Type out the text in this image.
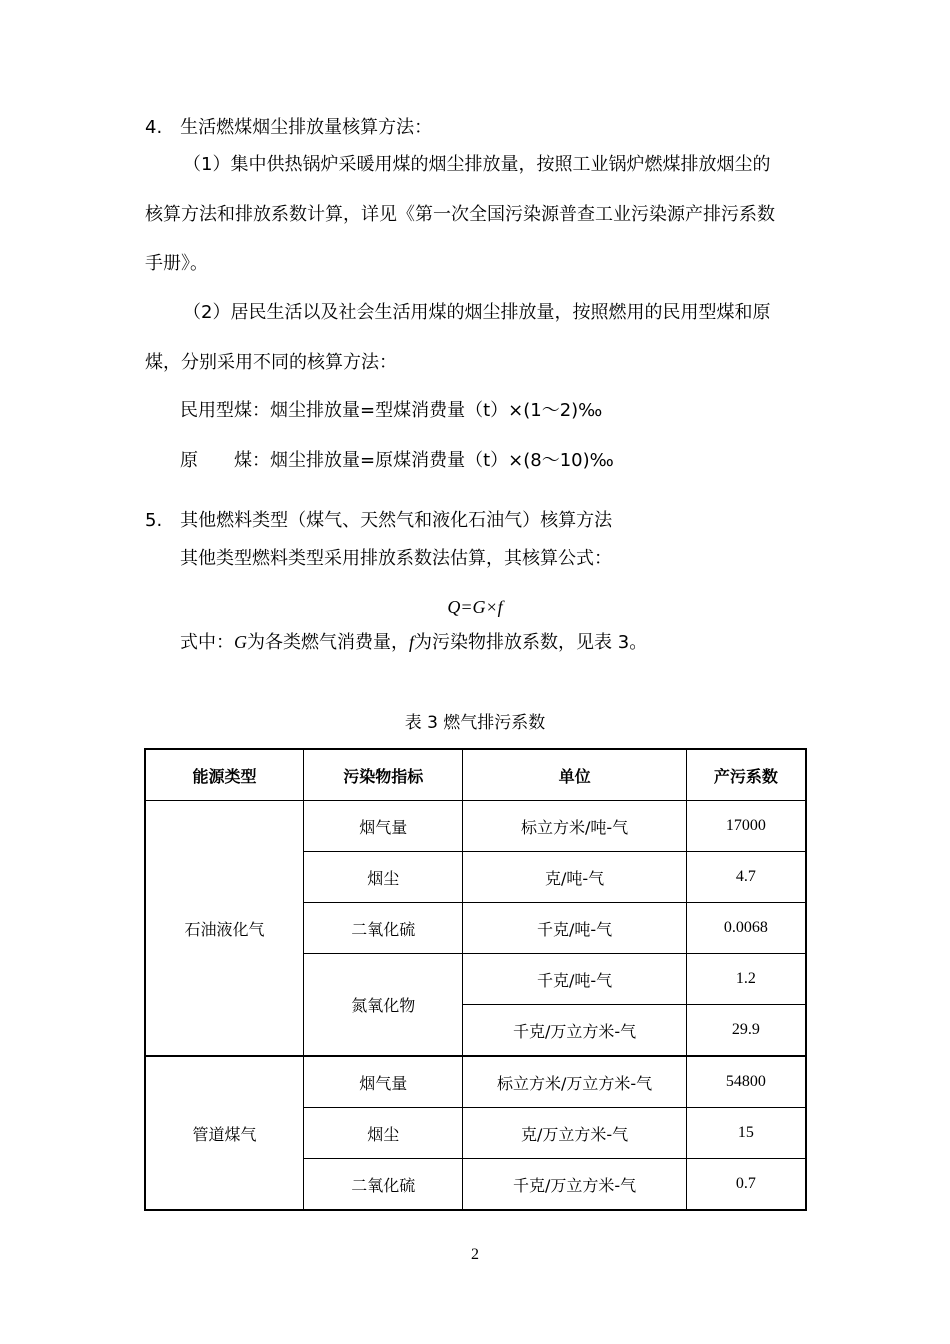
4.　生活燃煤烟尘排放量核算方法：
（1）集中供热锅炉采暖用煤的烟尘排放量，按照工业锅炉燃煤排放烟尘的
核算方法和排放系数计算，详见《第一次全国污染源普查工业污染源产排污系数
手册》。
（2）居民生活以及社会生活用煤的烟尘排放量，按照燃用的民用型煤和原
煤，分别采用不同的核算方法：
民用型煤：烟尘排放量=型煤消费量（t）×(1～2)‰
原　　煤：烟尘排放量=原煤消费量（t）×(8～10)‰
5.　其他燃料类型（煤气、天然气和液化石油气）核算方法
其他类型燃料类型采用排放系数法估算，其核算公式：
Q=G×f
式中：G为各类燃气消费量，f为污染物排放系数，见表 3。
表 3 燃气排污系数
能源类型	污染物指标	单位	产污系数
石油液化气	烟气量	标立方米/吨-气	17000
	烟尘	克/吨-气	4.7
	二氧化硫	千克/吨-气	0.0068
	氮氧化物	千克/吨-气	1.2
		千克/万立方米-气	29.9
管道煤气	烟气量	标立方米/万立方米-气	54800
	烟尘	克/万立方米-气	15
	二氧化硫	千克/万立方米-气	0.7
2
